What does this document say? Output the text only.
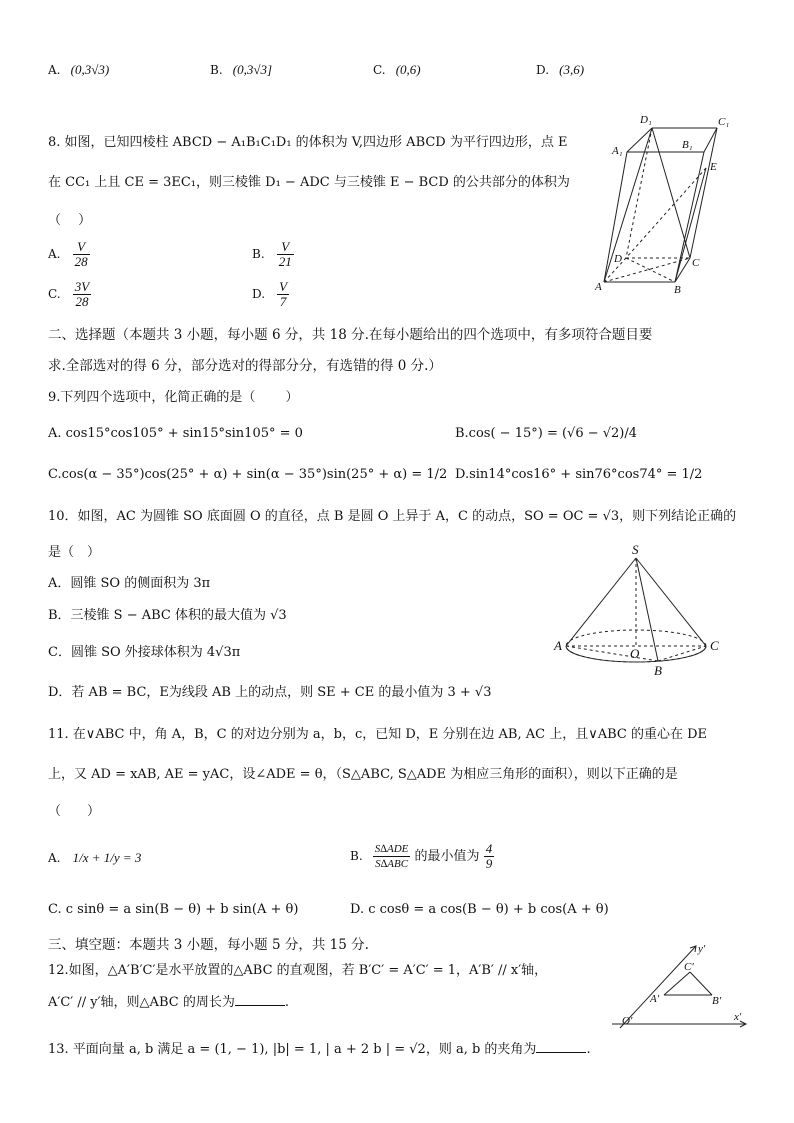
A. (0,3√3)	B. (0,3√3]	C. (0,6)	D. (3,6)
8. 如图，已知四棱柱 ABCD − A₁B₁C₁D₁ 的体积为 V,四边形 ABCD 为平行四边形，点 E
在 CC₁ 上且 CE = 3EC₁，则三棱锥 D₁ − ADC 与三棱锥 E − BCD 的公共部分的体积为
（　 ）
A. $\frac{V}{28}$	B. $\frac{V}{21}$
C. $\frac{3V}{28}$	D. $\frac{V}{7}$
D₁	C₁
A₁	B₁
E
D	C
A	B
二、选择题（本题共 3 小题，每小题 6 分，共 18 分.在每小题给出的四个选项中，有多项符合题目要
求.全部选对的得 6 分，部分选对的得部分分，有选错的得 0 分.）
9.下列四个选项中，化简正确的是（　　 ）
A. cos15°cos105° + sin15°sin105° = 0	B.cos( − 15°) = (√6 − √2)/4
C.cos(α − 35°)cos(25° + α) + sin(α − 35°)sin(25° + α) = 1/2 D.sin14°cos16° + sin76°cos74° = 1/2
10．如图，AC 为圆锥 SO 底面圆 O 的直径，点 B 是圆 O 上异于 A，C 的动点，SO = OC = √3，则下列结论正确的
是（　）
A．圆锥 SO 的侧面积为 3π
B．三棱锥 S − ABC 体积的最大值为 √3
C．圆锥 SO 外接球体积为 4√3π
D．若 AB = BC，E为线段 AB 上的动点，则 SE + CE 的最小值为 3 + √3
S
A
O
C
B
11. 在∨ABC 中，角 A，B，C 的对边分别为 a，b，c，已知 D，E 分别在边 AB, AC 上，且∨ABC 的重心在 DE
上，又 AD = xAB, AE = yAC，设∠ADE = θ，（S△ABC, S△ADE 为相应三角形的面积），则以下正确的是
（　　）
A. 1/x + 1/y = 3	B. $\frac{\text{S∆ADE}}{\text{S∆ABC}}$ 的最小值为 $\frac{4}{9}$
C. c sinθ = a sin(B − θ) + b sin(A + θ)	D. c cosθ = a cos(B − θ) + b cos(A + θ)
三、填空题：本题共 3 小题，每小题 5 分，共 15 分.
12.如图，△A′B′C′是水平放置的△ABC 的直观图，若 B′C′ = A′C′ = 1，A′B′ // x′轴，
A′C′ // y′轴，则△ABC 的周长为	.
y′
C′
A′	B′
O′	x′
13. 平面向量 a, b 满足 a = (1, − 1), |b| = 1, | a + 2 b | = √2，则 a, b 的夹角为	.
